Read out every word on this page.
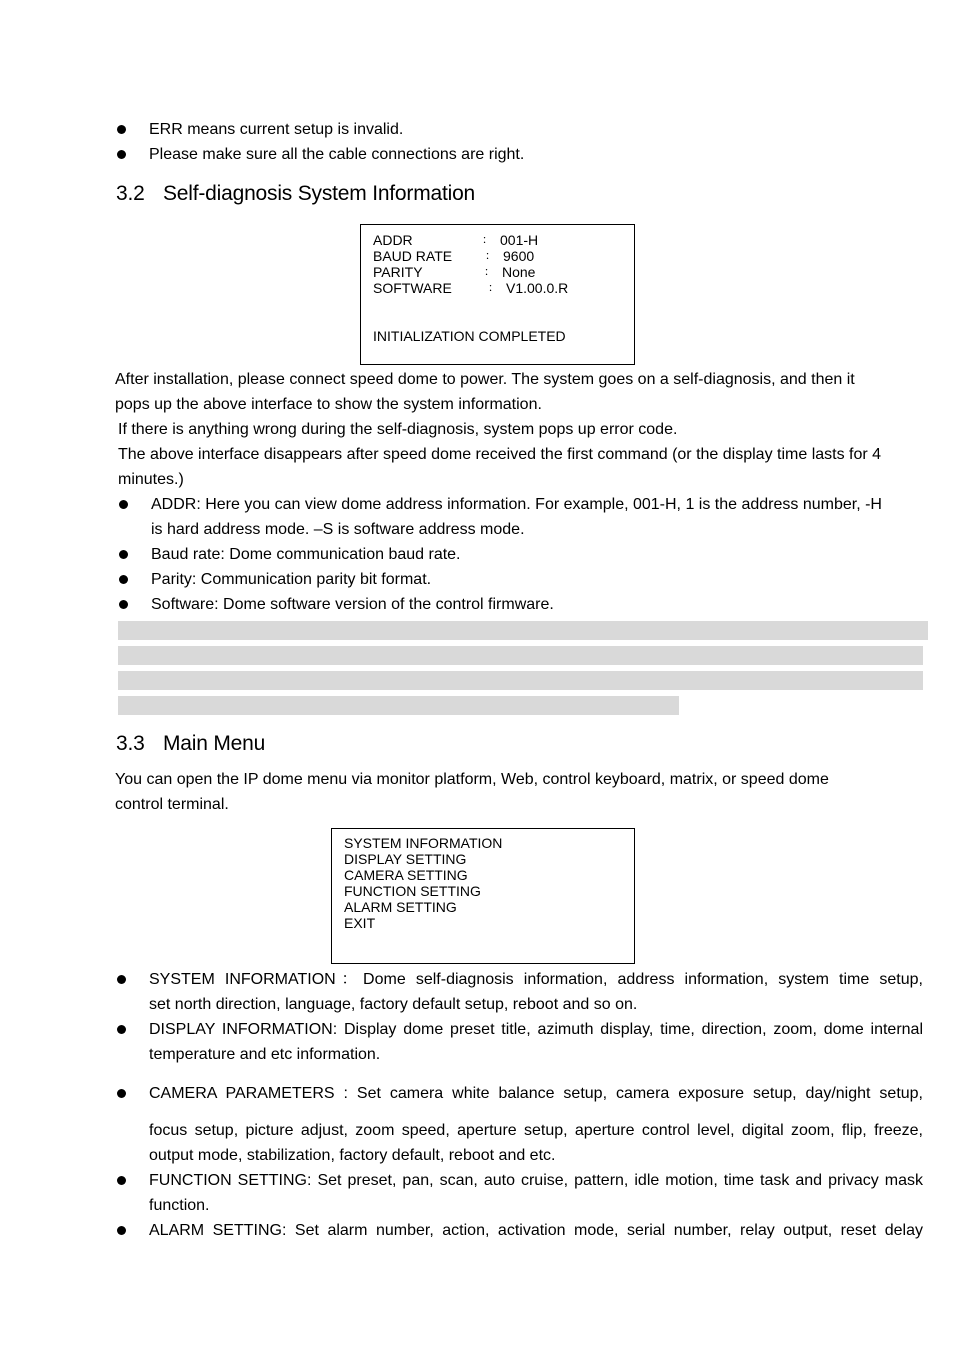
ERR means current setup is invalid.
Please make sure all the cable connections are right.
3.2 Self-diagnosis System Information
ADDR	： 001-H
BAUD RATE	： 9600
PARITY	： None
SOFTWARE	： V1.00.0.R
INITIALIZATION COMPLETED
After installation, please connect speed dome to power. The system goes on a self-diagnosis, and then it
pops up the above interface to show the system information.
If there is anything wrong during the self-diagnosis, system pops up error code.
The above interface disappears after speed dome received the first command (or the display time lasts for 4
minutes.)
ADDR: Here you can view dome address information. For example, 001-H, 1 is the address number, -H
is hard address mode. –S is software address mode.
Baud rate: Dome communication baud rate.
Parity: Communication parity bit format.
Software: Dome software version of the control firmware.
3.3 Main Menu
You can open the IP dome menu via monitor platform, Web, control keyboard, matrix, or speed dome
control terminal.
SYSTEM INFORMATION
DISPLAY SETTING
CAMERA SETTING
FUNCTION SETTING
ALARM SETTING
EXIT
SYSTEM INFORMATION：Dome self-diagnosis information, address information, system time setup,
set north direction, language, factory default setup, reboot and so on.
DISPLAY INFORMATION: Display dome preset title, azimuth display, time, direction, zoom, dome internal
temperature and etc information.
CAMERA PARAMETERS : Set camera white balance setup, camera exposure setup, day/night setup,
focus setup, picture adjust, zoom speed, aperture setup, aperture control level, digital zoom, flip, freeze,
output mode, stabilization, factory default, reboot and etc.
FUNCTION SETTING: Set preset, pan, scan, auto cruise, pattern, idle motion, time task and privacy mask
function.
ALARM SETTING: Set alarm number, action, activation mode, serial number, relay output, reset delay
